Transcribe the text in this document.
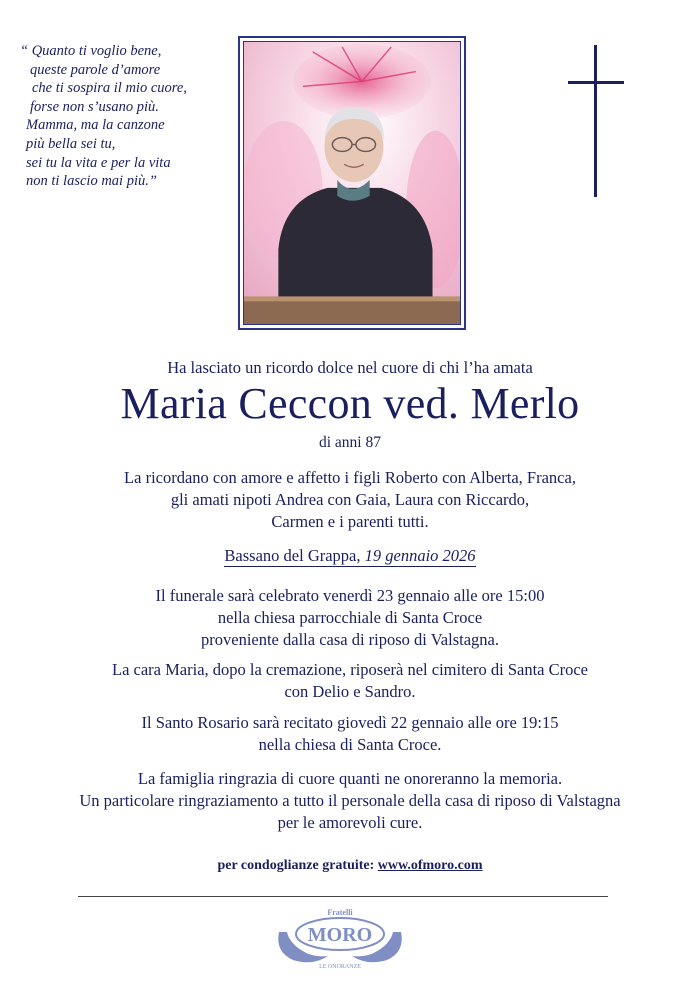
“ Quanto ti voglio bene,
queste parole d’amore
che ti sospira il mio cuore,
forse non s’usano più.
Mamma, ma la canzone
più bella sei tu,
sei tu la vita e per la vita
non ti lascio mai più.”
Ha lasciato un ricordo dolce nel cuore di chi l’ha amata
Maria Ceccon ved. Merlo
di anni 87
La ricordano con amore e affetto i figli Roberto con Alberta, Franca,
gli amati nipoti Andrea con Gaia, Laura con Riccardo,
Carmen e i parenti tutti.
Bassano del Grappa, 19 gennaio 2026
Il funerale sarà celebrato venerdì 23 gennaio alle ore 15:00
nella chiesa parrocchiale di Santa Croce
proveniente dalla casa di riposo di Valstagna.
La cara Maria, dopo la cremazione, riposerà nel cimitero di Santa Croce
con Delio e Sandro.
Il Santo Rosario sarà recitato giovedì 22 gennaio alle ore 19:15
nella chiesa di Santa Croce.
La famiglia ringrazia di cuore quanti ne onoreranno la memoria.
Un particolare ringraziamento a tutto il personale della casa di riposo di Valstagna
per le amorevoli cure.
per condoglianze gratuite: www.ofmoro.com
Fratelli
MORO
LE ONORANZE
